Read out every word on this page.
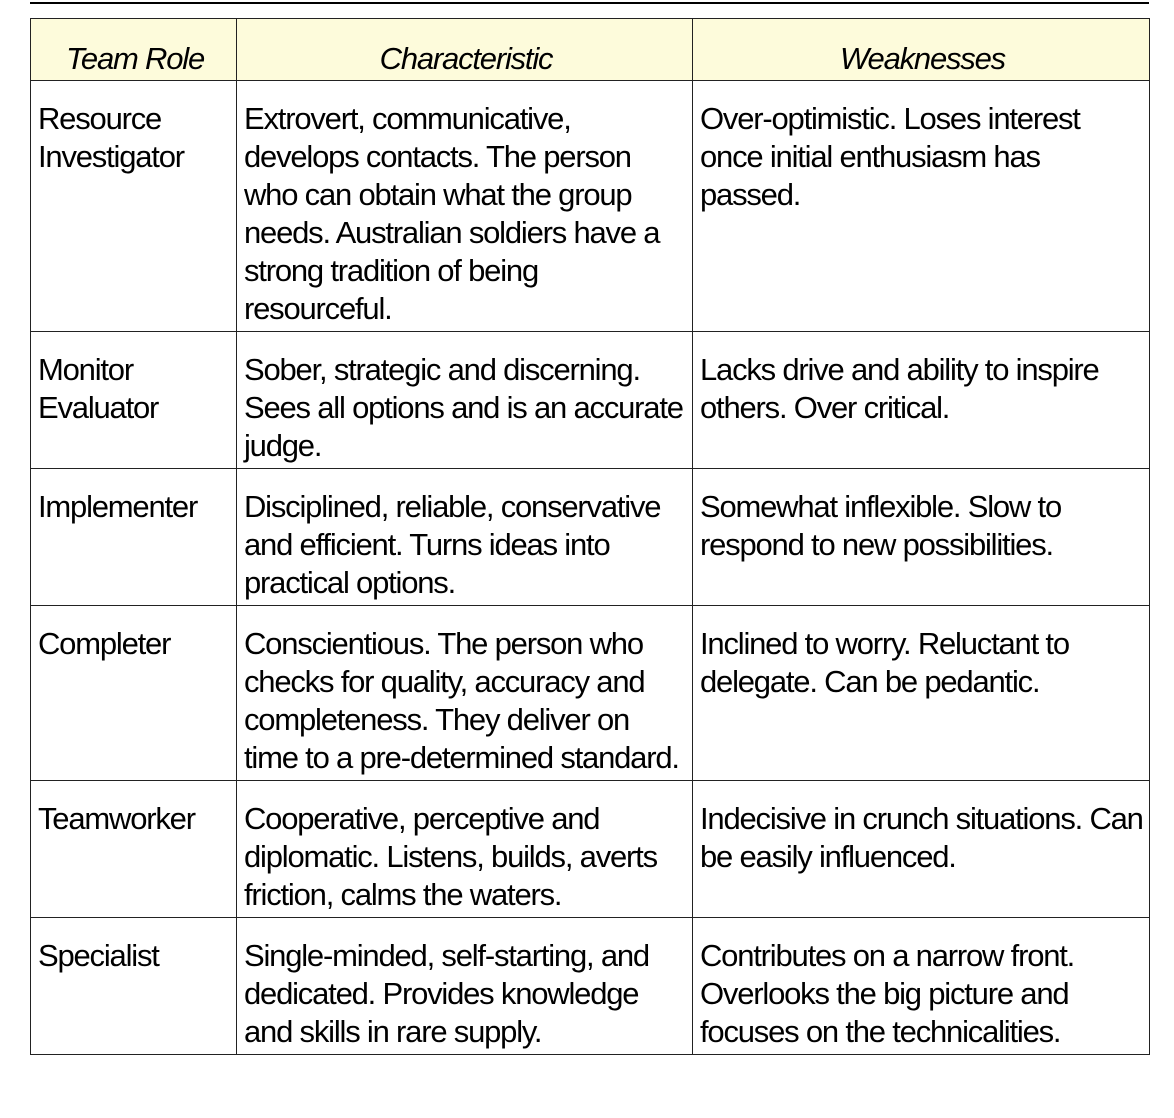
Team Role	Characteristic	Weaknesses
Resource Investigator	Extrovert, communicative, develops contacts. The person who can obtain what the group needs. Australian soldiers have a strong tradition of being resourceful.	Over-optimistic. Loses interest once initial enthusiasm has passed.
Monitor Evaluator	Sober, strategic and discerning. Sees all options and is an accurate judge.	Lacks drive and ability to inspire others. Over critical.
Implementer	Disciplined, reliable, conservative and efficient. Turns ideas into practical options.	Somewhat inflexible. Slow to respond to new possibilities.
Completer	Conscientious. The person who checks for quality, accuracy and completeness. They deliver on time to a pre-determined standard.	Inclined to worry. Reluctant to delegate. Can be pedantic.
Teamworker	Cooperative, perceptive and diplomatic. Listens, builds, averts friction, calms the waters.	Indecisive in crunch situations. Can be easily influenced.
Specialist	Single-minded, self-starting, and dedicated. Provides knowledge and skills in rare supply.	Contributes on a narrow front. Overlooks the big picture and focuses on the technicalities.
